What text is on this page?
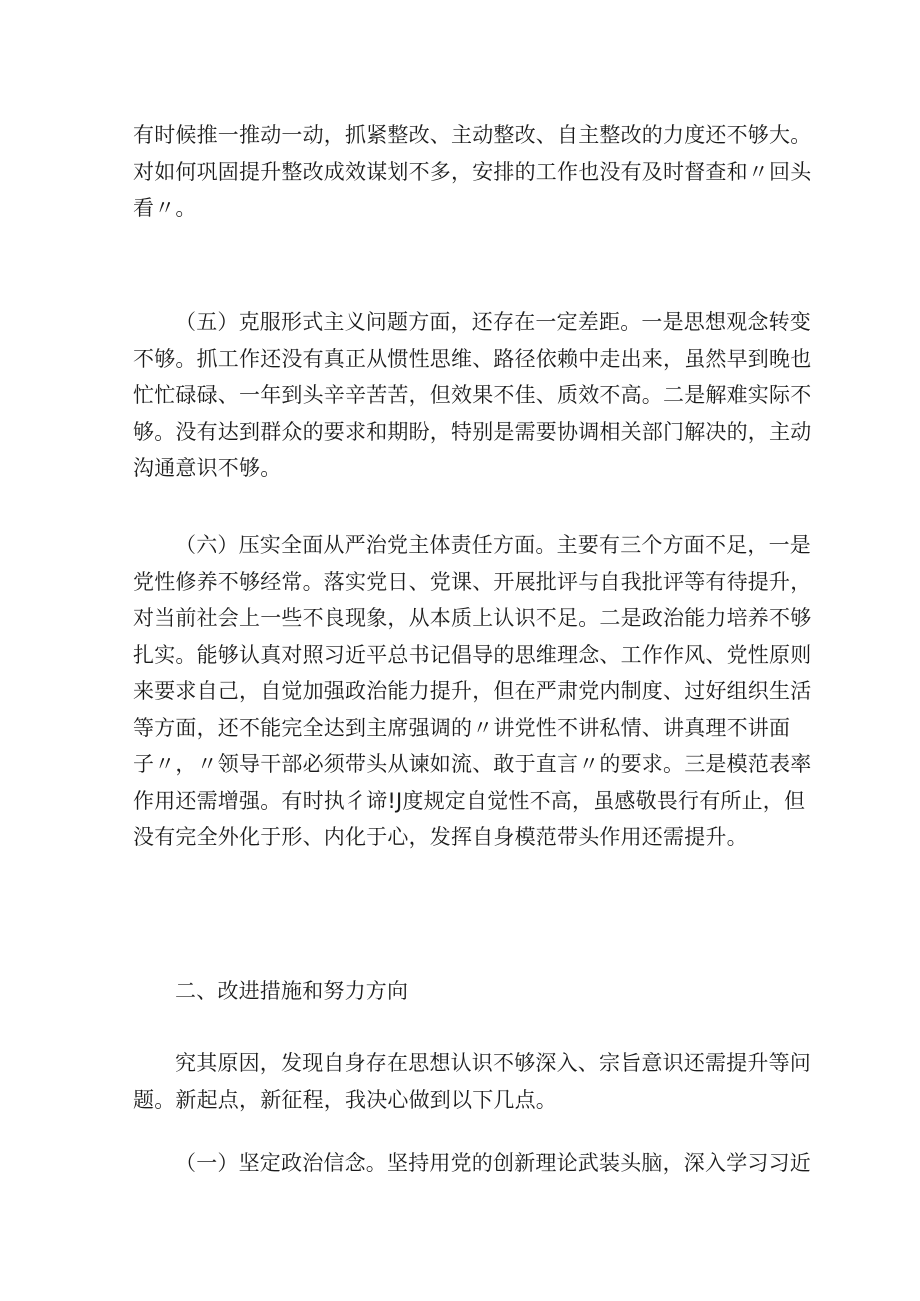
有时候推一推动一动，抓紧整改、主动整改、自主整改的力度还不够大。
对如何巩固提升整改成效谋划不多，安排的工作也没有及时督查和〃回头
看〃。
（五）克服形式主义问题方面，还存在一定差距。一是思想观念转变
不够。抓工作还没有真正从惯性思维、路径依赖中走出来，虽然早到晚也
忙忙碌碌、一年到头辛辛苦苦，但效果不佳、质效不高。二是解难实际不
够。没有达到群众的要求和期盼，特别是需要协调相关部门解决的，主动
沟通意识不够。
（六）压实全面从严治党主体责任方面。主要有三个方面不足，一是
党性修养不够经常。落实党日、党课、开展批评与自我批评等有待提升，
对当前社会上一些不良现象，从本质上认识不足。二是政治能力培养不够
扎实。能够认真对照习近平总书记倡导的思维理念、工作作风、党性原则
来要求自己，自觉加强政治能力提升，但在严肃党内制度、过好组织生活
等方面，还不能完全达到主席强调的〃讲党性不讲私情、讲真理不讲面
子〃，〃领导干部必须带头从谏如流、敢于直言〃的要求。三是模范表率
作用还需增强。有时执彳谛!J度规定自觉性不高，虽感敬畏行有所止，但
没有完全外化于形、内化于心，发挥自身模范带头作用还需提升。
二、改进措施和努力方向
究其原因，发现自身存在思想认识不够深入、宗旨意识还需提升等问
题。新起点，新征程，我决心做到以下几点。
（一）坚定政治信念。坚持用党的创新理论武装头脑，深入学习习近
